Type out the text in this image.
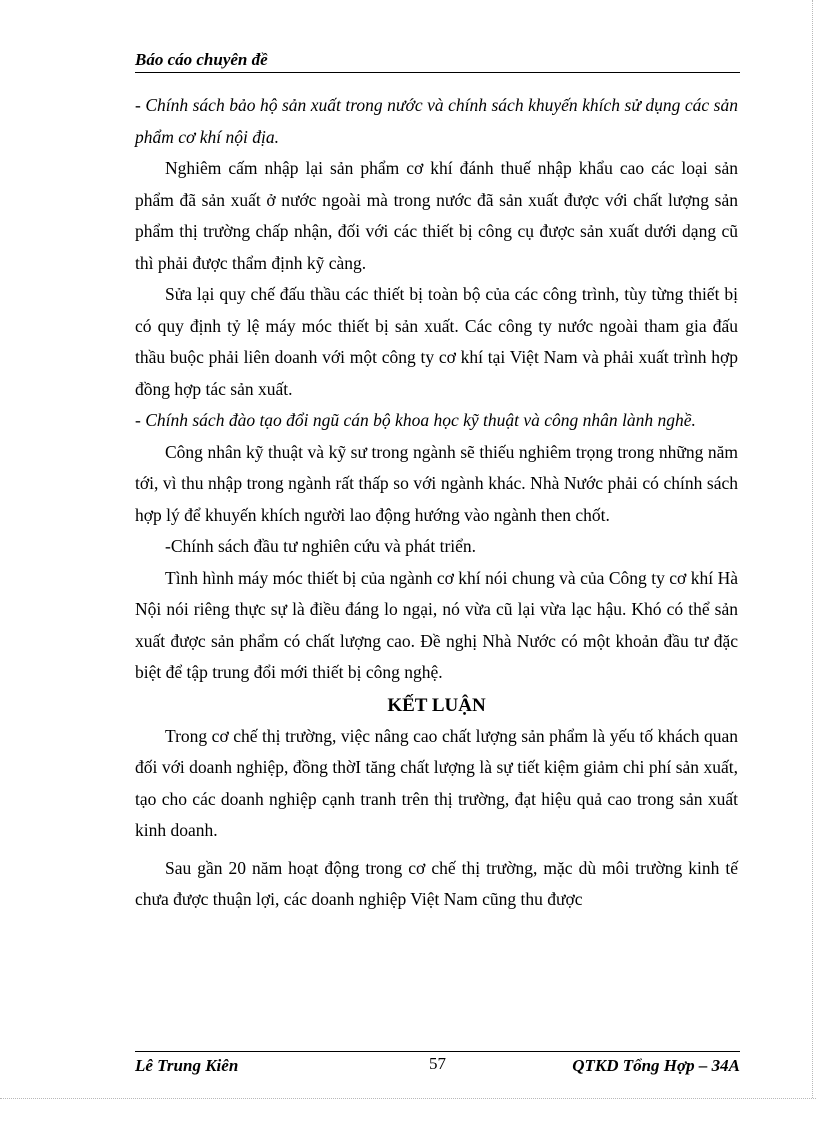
Báo cáo chuyên đề

- Chính sách bảo hộ sản xuất trong nước và chính sách khuyến khích sử dụng các sản phẩm cơ khí nội địa.

Nghiêm cấm nhập lại sản phẩm cơ khí đánh thuế nhập khẩu cao các loại sản phẩm đã sản xuất ở nước ngoài mà trong nước đã sản xuất được với chất lượng sản phẩm thị trường chấp nhận, đối với các thiết bị công cụ được sản xuất dưới dạng cũ thì phải được thẩm định kỹ càng.

Sửa lại quy chế đấu thầu các thiết bị toàn bộ của các công trình, tùy từng thiết bị có quy định tỷ lệ máy móc thiết bị sản xuất. Các công ty nước ngoài tham gia đấu thầu buộc phải liên doanh với một công ty cơ khí tại Việt Nam và phải xuất trình hợp đồng hợp tác sản xuất.

- Chính sách đào tạo đổi ngũ cán bộ khoa học kỹ thuật và công nhân lành nghề.

Công nhân kỹ thuật và kỹ sư trong ngành sẽ thiếu nghiêm trọng trong những năm tới, vì thu nhập trong ngành rất thấp so với ngành khác. Nhà Nước phải có chính sách hợp lý để khuyến khích người lao động hướng vào ngành then chốt.

-Chính sách đầu tư nghiên cứu và phát triển.

Tình hình máy móc thiết bị của ngành cơ khí nói chung và của Công ty cơ khí Hà Nội nói riêng thực sự là điều đáng lo ngại, nó vừa cũ lại vừa lạc hậu. Khó có thể sản xuất được sản phẩm có chất lượng cao. Đề nghị Nhà Nước có một khoản đầu tư đặc biệt để tập trung đổi mới thiết bị công nghệ.

KẾT LUẬN

Trong cơ chế thị trường, việc nâng cao chất lượng sản phẩm là yếu tố khách quan đối với doanh nghiệp, đồng thờI tăng chất lượng là sự tiết kiệm giảm chi phí sản xuất, tạo cho các doanh nghiệp cạnh tranh trên thị trường, đạt hiệu quả cao trong sản xuất kinh doanh.

Sau gần 20 năm hoạt động trong cơ chế thị trường, mặc dù môi trường kinh tế chưa được thuận lợi, các doanh nghiệp Việt Nam cũng thu được

Lê Trung Kiên	57	QTKD Tổng Hợp – 34A
